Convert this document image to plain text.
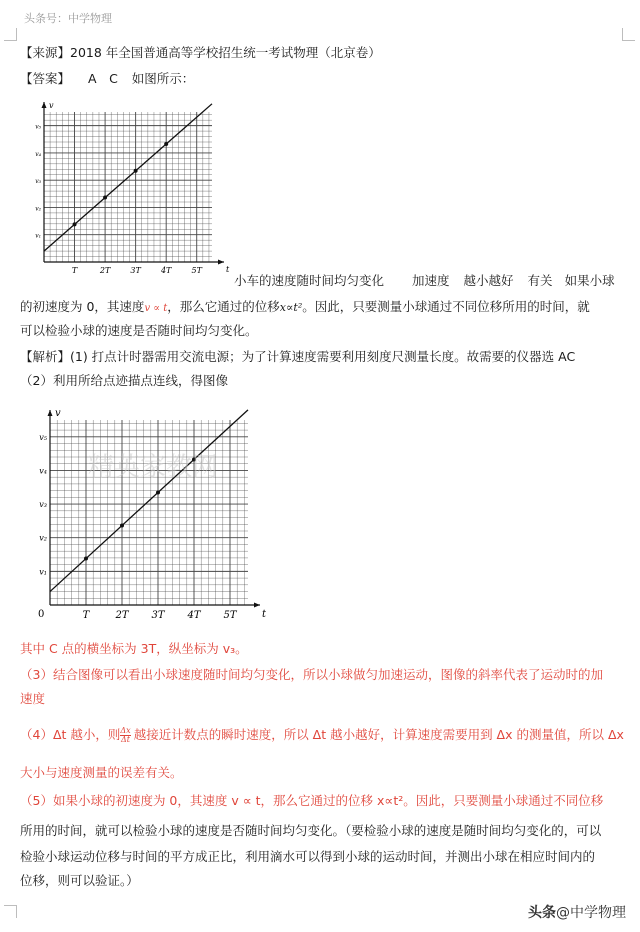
头条号：中学物理
【来源】2018 年全国普通高等学校招生统一考试物理（北京卷）
【答案】 A　C 如图所示：
v
t
T	2T	3T	4T	5T
v₁
v₂
v₃
v₄
v₅
小车的速度随时间均匀变化 加速度 越小越好 有关 如果小球
的初速度为 0，其速度v ∝ t，那么它通过的位移x∝t²。因此，只要测量小球通过不同位移所用的时间，就
可以检验小球的速度是否随时间均匀变化。
【解析】(1) 打点计时器需用交流电源；为了计算速度需要利用刻度尺测量长度。故需要的仪器选 AC
（2）利用所给点迹描点连线，得图像
v
t
0	T	2T 3T 4T 5T
v₁
v₂
v₃
v₄
v₅
精英家教网
其中 C 点的横坐标为 3T，纵坐标为 v₃。
（3）结合图像可以看出小球速度随时间均匀变化，所以小球做匀加速运动，图像的斜率代表了运动时的加
速度
（4）Δt 越小，则 $\frac{\Delta x}{\Delta t}$ 越接近计数点的瞬时速度，所以 Δt 越小越好，计算速度需要用到 Δx 的测量值，所以 Δx
大小与速度测量的误差有关。
（5）如果小球的初速度为 0，其速度 v ∝ t，那么它通过的位移 x∝t²。因此，只要测量小球通过不同位移
所用的时间，就可以检验小球的速度是否随时间均匀变化。（要检验小球的速度是随时间均匀变化的，可以
检验小球运动位移与时间的平方成正比，利用滴水可以得到小球的运动时间，并测出小球在相应时间内的
位移，则可以验证。）
头条@中学物理
